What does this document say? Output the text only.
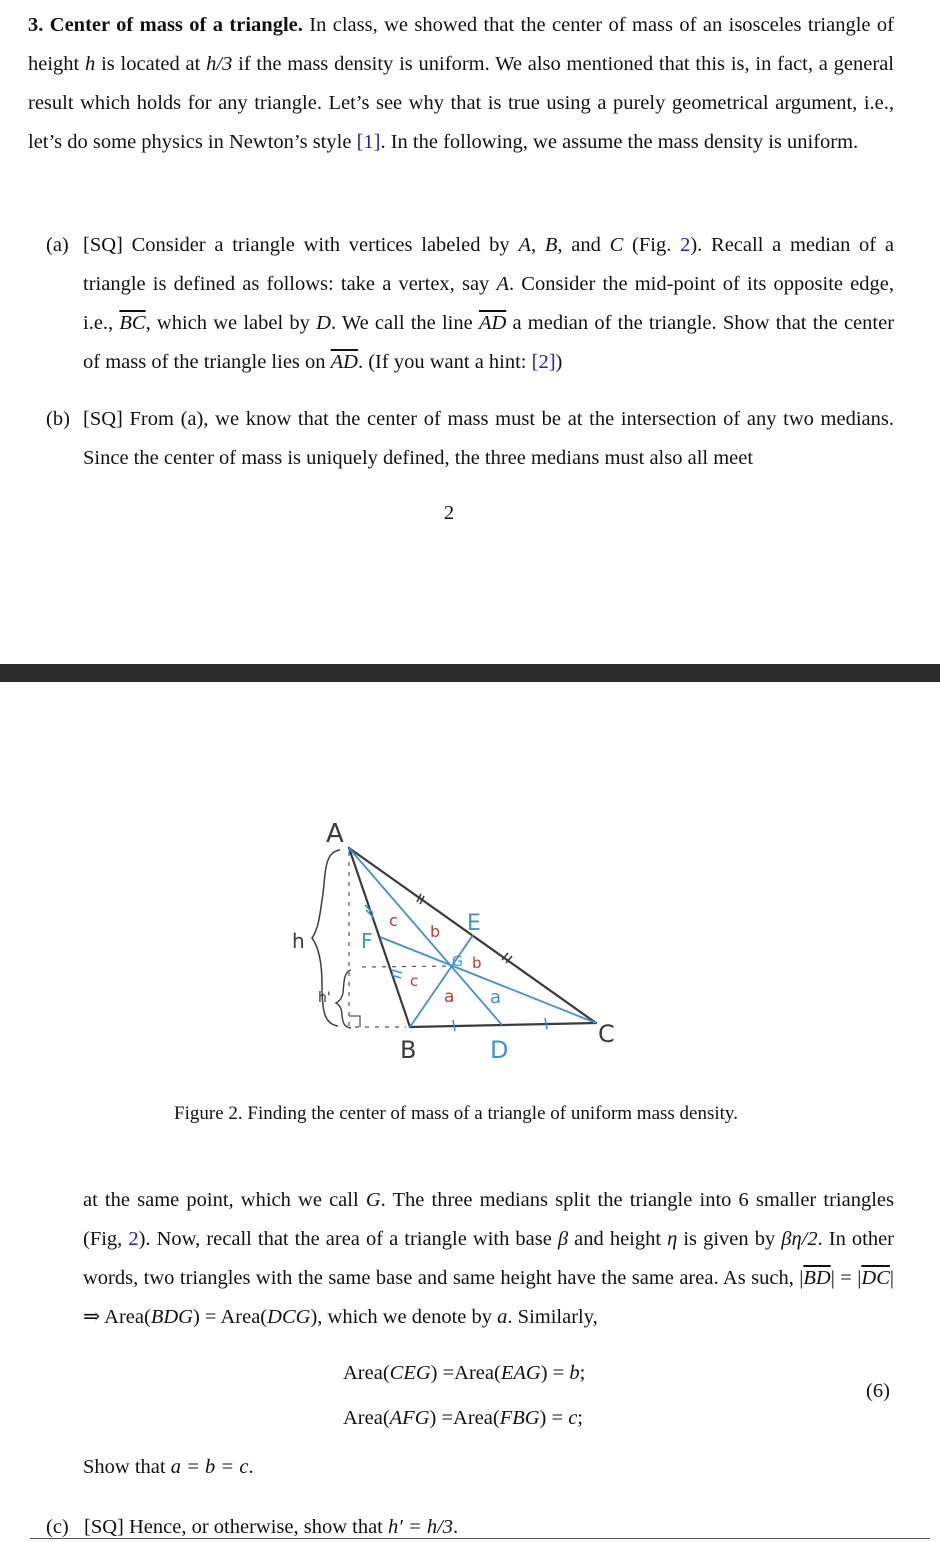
3. Center of mass of a triangle. In class, we showed that the center of mass of an isosceles triangle of height h is located at h/3 if the mass density is uniform. We also mentioned that this is, in fact, a general result which holds for any triangle. Let’s see why that is true using a purely geometrical argument, i.e., let’s do some physics in Newton’s style [1]. In the following, we assume the mass density is uniform.
(a) [SQ] Consider a triangle with vertices labeled by A, B, and C (Fig. 2). Recall a median of a triangle is defined as follows: take a vertex, say A. Consider the mid-point of its opposite edge, i.e., $\overline{BC}$, which we label by D. We call the line $\overline{AD}$ a median of the triangle. Show that the center of mass of the triangle lies on $\overline{AD}$. (If you want a hint: [2])
(b) [SQ] From (a), we know that the center of mass must be at the intersection of any two medians. Since the center of mass is uniquely defined, the three medians must also all meet
2
A
B
C
D
E
F
G
h
h'	a a
b
b
c
c
Figure 2. Finding the center of mass of a triangle of uniform mass density.
at the same point, which we call G. The three medians split the triangle into 6 smaller triangles (Fig, 2). Now, recall that the area of a triangle with base β and height η is given by βη/2. In other words, two triangles with the same base and same height have the same area. As such, $|\overline{BD}| = |\overline{DC}|$ ⇒ Area(BDG) = Area(DCG), which we denote by a. Similarly,
Area(CEG) =Area(EAG) = b;
Area(AFG) =Area(FBG) = c;
(6)
Show that a = b = c.
(c) [SQ] Hence, or otherwise, show that h′ = h/3.
